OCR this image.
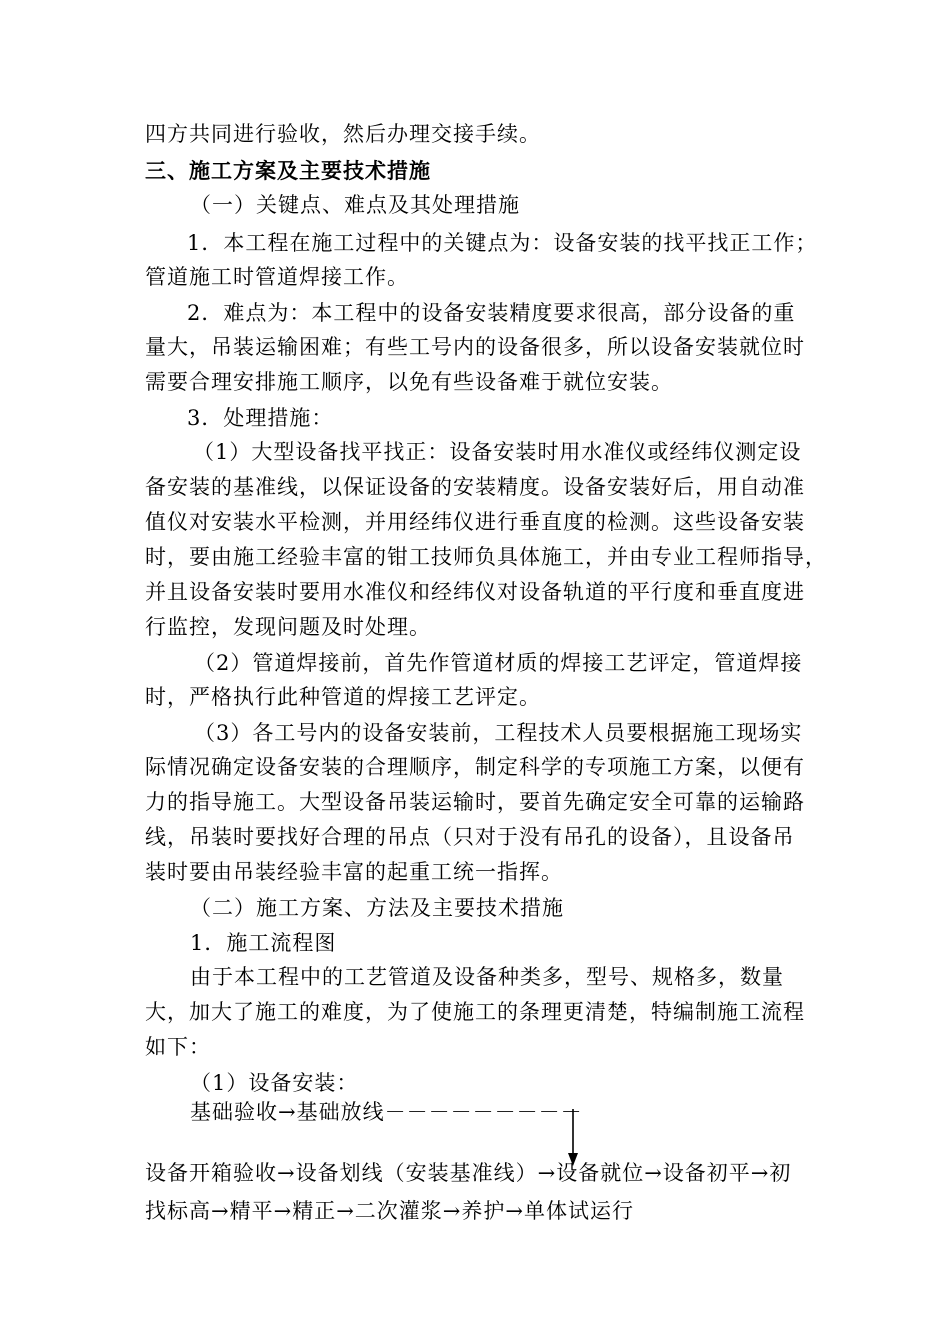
四方共同进行验收，然后办理交接手续。
三、施工方案及主要技术措施
（一）关键点、难点及其处理措施
1．本工程在施工过程中的关键点为：设备安装的找平找正工作；
管道施工时管道焊接工作。
2．难点为：本工程中的设备安装精度要求很高，部分设备的重
量大，吊装运输困难；有些工号内的设备很多，所以设备安装就位时
需要合理安排施工顺序，以免有些设备难于就位安装。
3．处理措施：
（1）大型设备找平找正：设备安装时用水准仪或经纬仪测定设
备安装的基准线，以保证设备的安装精度。设备安装好后，用自动准
值仪对安装水平检测，并用经纬仪进行垂直度的检测。这些设备安装
时，要由施工经验丰富的钳工技师负具体施工，并由专业工程师指导，
并且设备安装时要用水准仪和经纬仪对设备轨道的平行度和垂直度进
行监控，发现问题及时处理。
（2）管道焊接前，首先作管道材质的焊接工艺评定，管道焊接
时，严格执行此种管道的焊接工艺评定。
（3）各工号内的设备安装前，工程技术人员要根据施工现场实
际情况确定设备安装的合理顺序，制定科学的专项施工方案，以便有
力的指导施工。大型设备吊装运输时，要首先确定安全可靠的运输路
线，吊装时要找好合理的吊点（只对于没有吊孔的设备），且设备吊
装时要由吊装经验丰富的起重工统一指挥。
（二）施工方案、方法及主要技术措施
1．施工流程图
由于本工程中的工艺管道及设备种类多，型号、规格多，数量
大，加大了施工的难度，为了使施工的条理更清楚，特编制施工流程
如下：
（1）设备安装：
基础验收→基础放线－－－－－－－－－
设备开箱验收→设备划线（安装基准线）→设备就位→设备初平→初
找标高→精平→精正→二次灌浆→养护→单体试运行
